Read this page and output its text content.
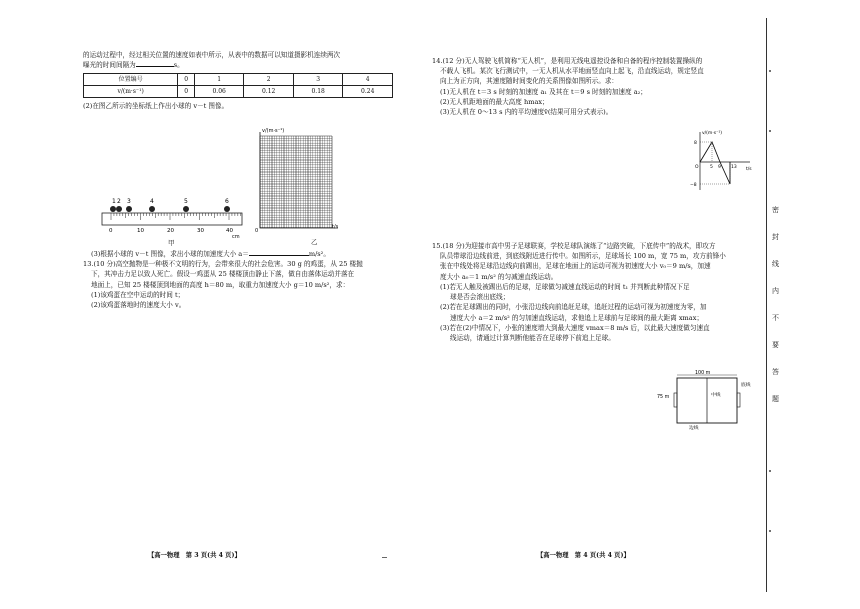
的运动过程中，经过相关位置的速度如表中所示，从表中的数据可以知道摄影机连续两次

曝光的时间间隔为	s。

位置编号	0	1	2	3	4
v/(m·s⁻¹)	0	0.06	0.12	0.18	0.24

(2)在图乙所示的坐标纸上作出小球的 v－t 图像。

1 2 3	4	5	6
0	10	20	30	40
cm
甲
v/(m·s⁻¹)
0
t/s
乙

(3)根据小球的 v－t 图像，求出小球的加速度大小 a＝	m/s²。

13.(10 分)高空抛物是一种极不文明的行为，会带来很大的社会危害。30 g 的鸡蛋，从 25 楼抛

下，其冲击力足以致人死亡。假设一鸡蛋从 25 楼楼顶由静止下落，做自由落体运动并落在

地面上，已知 25 楼楼顶到地面的高度 h＝80 m，取重力加速度大小 g＝10 m/s²，求：

(1)该鸡蛋在空中运动的时间 t；

(2)该鸡蛋落地时的速度大小 v。

【高一物理　第 3 页(共 4 页)】

14.(12 分)无人驾驶飞机简称“无人机”，是利用无线电遥控设备和自备的程序控制装置操纵的

不载人飞机。某次飞行测试中，一无人机从水平地面竖直向上起飞，沿直线运动，规定竖直

向上为正方向，其速度随时间变化的关系图像如图所示。求：

(1)无人机在 t＝3 s 时刻的加速度 a₁ 及其在 t＝9 s 时刻的加速度 a₂；

(2)无人机距地面的最大高度 hmax；

(3)无人机在 0～13 s 内的平均速度v̄(结果可用分式表示)。

v/(m·s⁻¹)
t/s
8
−8
O	5 9 13

15.(18 分)为迎接市高中男子足球联赛，学校足球队演练了“边路突破，下底传中”的战术，即攻方

队员带球沿边线前进，到底线附近进行传中。如图所示，足球场长 100 m，宽 75 m，攻方前锋小

张在中线处将足球沿边线向前踢出，足球在地面上的运动可视为初速度大小 v₀＝9 m/s，加速

度大小 a₀＝1 m/s² 的匀减速直线运动。

(1)若无人触及被踢出后的足球，足球做匀减速直线运动的时间 t₁ 并判断此种情况下足

球是否会滚出底线；

(2)若在足球踢出的同时，小张沿边线向前追赶足球，追赶过程的运动可视为初速度为零，加

速度大小 a＝2 m/s² 的匀加速直线运动，求他追上足球前与足球间的最大距离 xmax；

(3)若在(2)中情况下，小张的速度增大到最大速度 vmax＝8 m/s 后，以此最大速度做匀速直

线运动，请通过计算判断他能否在足球停下前追上足球。

100 m
75 m
底线
中线
边线
【高一物理　第 4 页(共 4 页)】
密
封
线
内
不
要
答
题
